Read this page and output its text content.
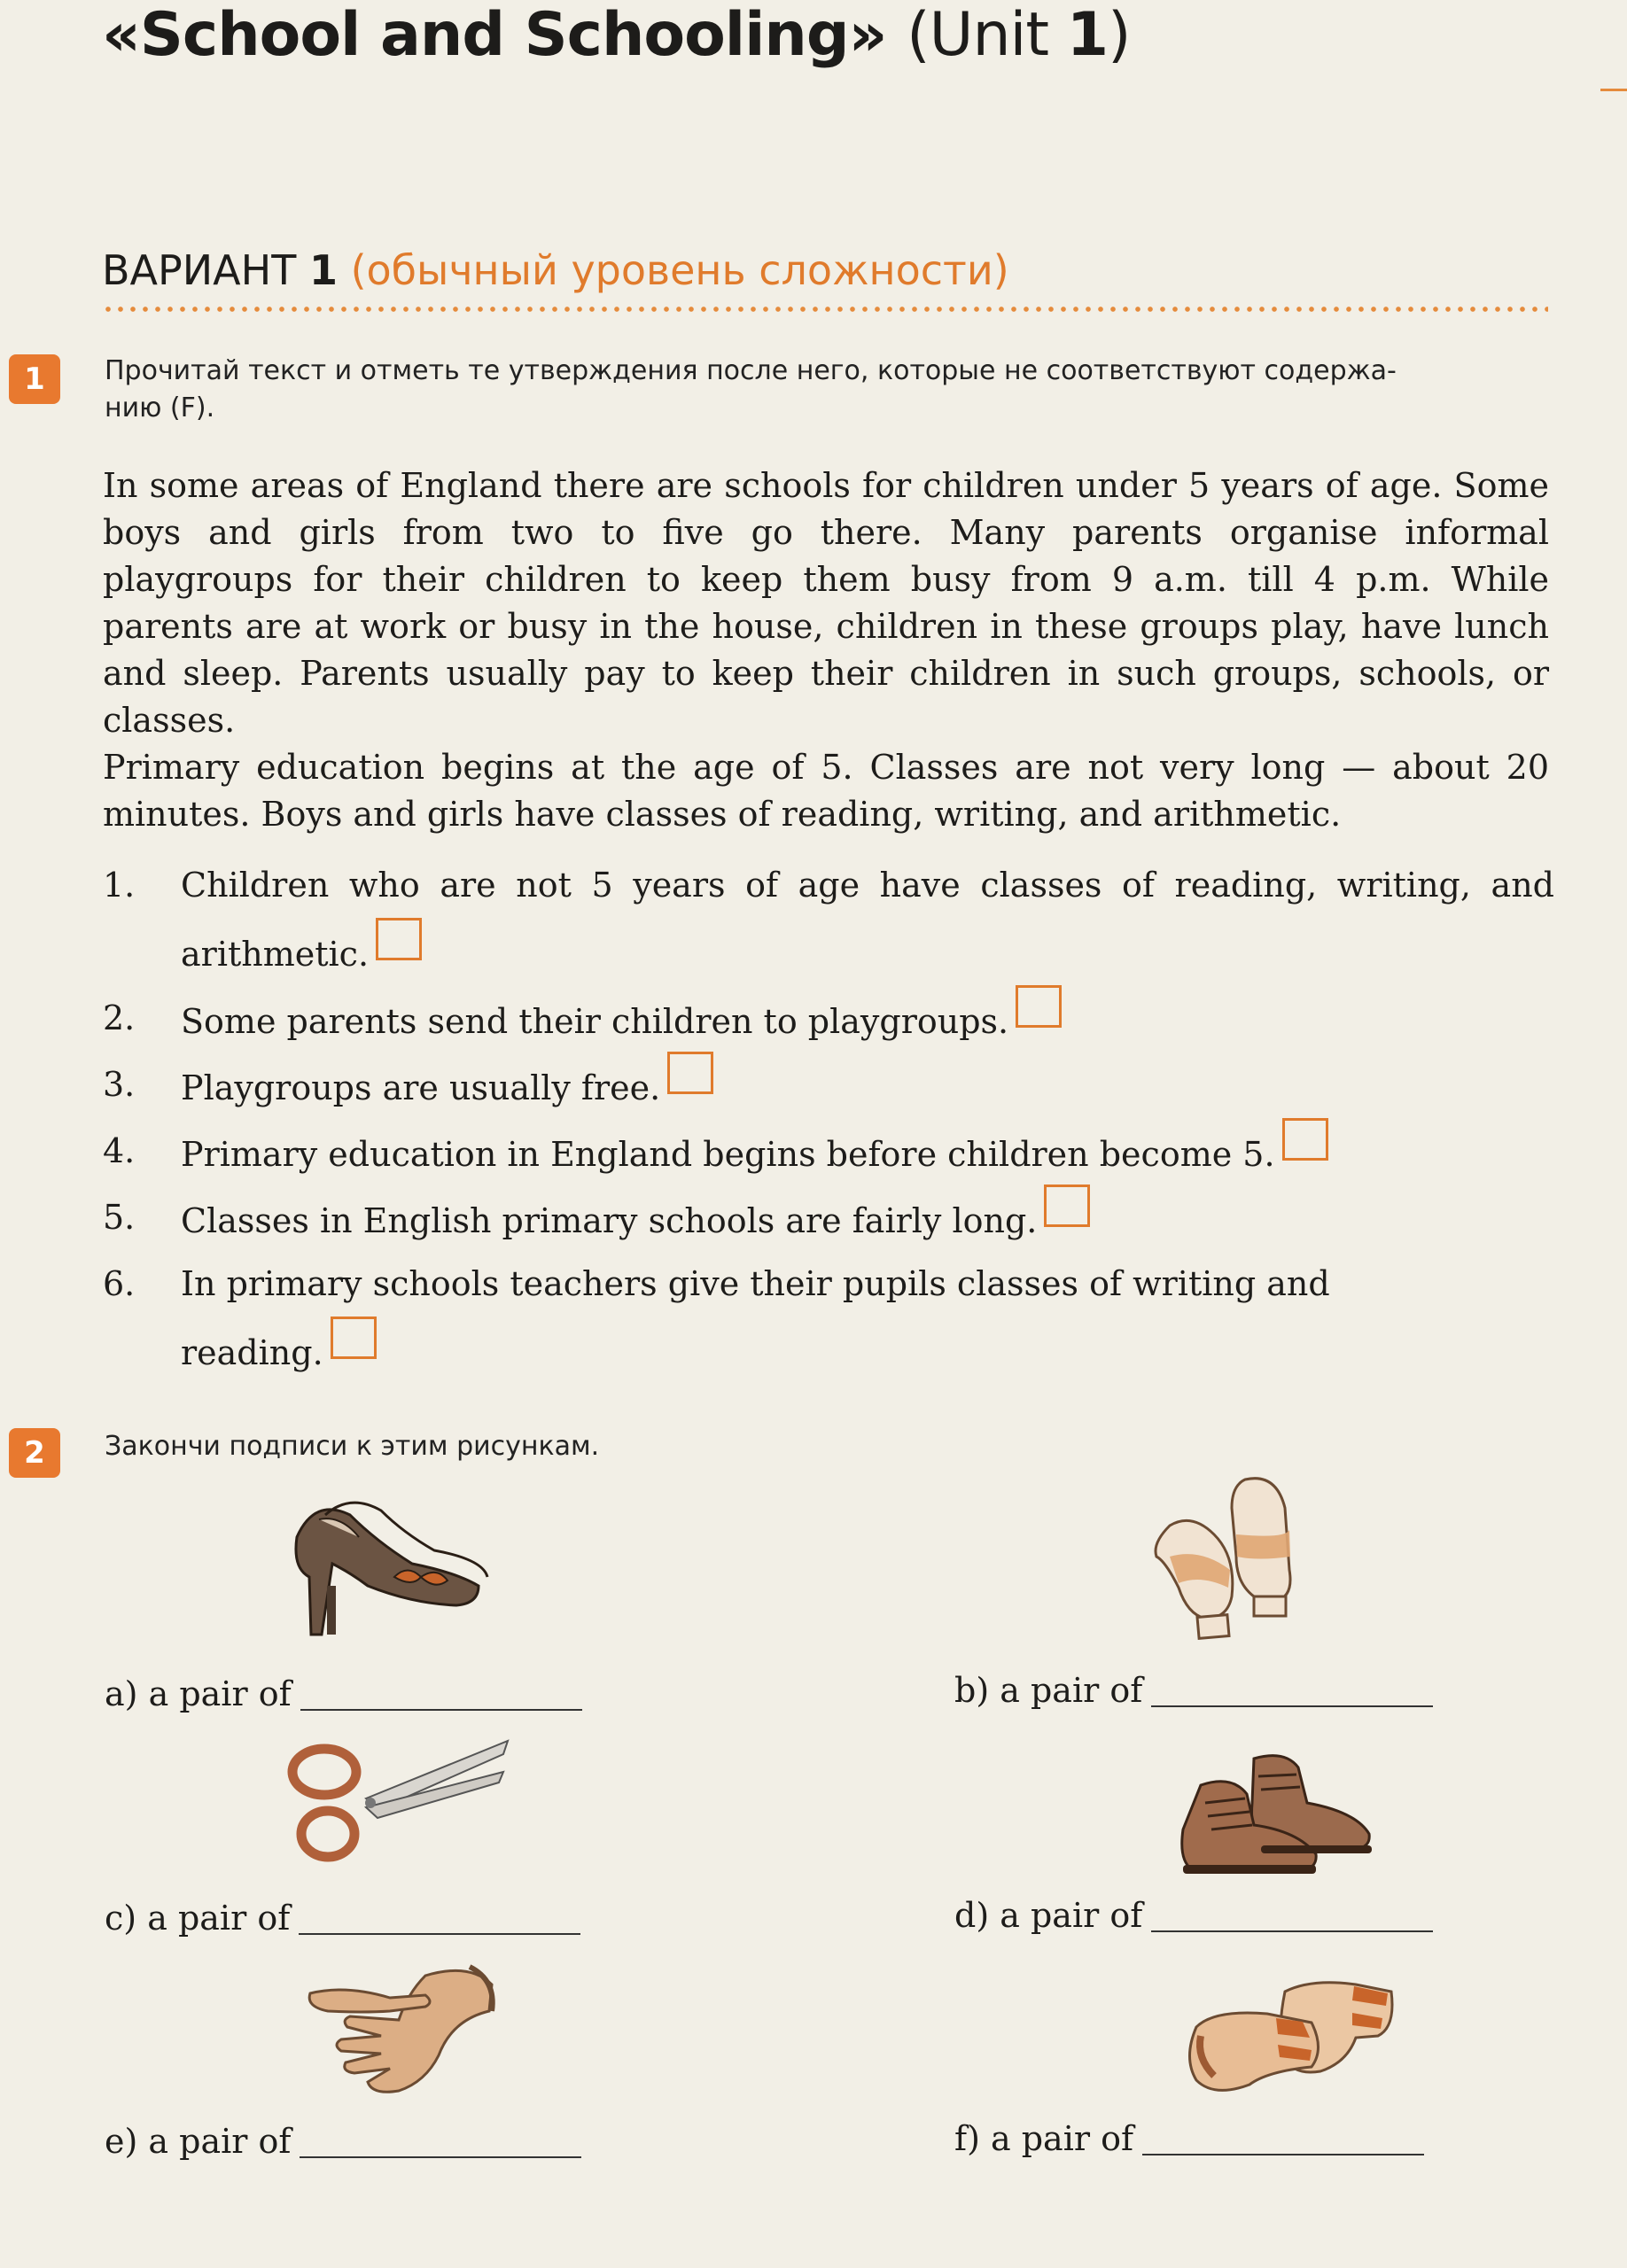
«School and Schooling» (Unit 1)
ВАРИАНТ 1 (обычный уровень сложности)
1	Прочитай текст и отметь те утверждения после него, которые не соответствуют содержа-
нию (F).

In some areas of England there are schools for children under 5 years of age. Some boys and girls from two to five go there. Many parents organise informal playgroups for their children to keep them busy from 9 a.m. till 4 p.m. While parents are at work or busy in the house, children in these groups play, have lunch and sleep. Parents usually pay to keep their children in such groups, schools, or classes.

Primary education begins at the age of 5. Classes are not very long — about 20 minutes. Boys and girls have classes of reading, writing, and arithmetic.

1. Children who are not 5 years of age have classes of reading, writing, and arithmetic.
2. Some parents send their children to playgroups.
3. Playgroups are usually free.
4. Primary education in England begins before children become 5.
5. Classes in English primary schools are fairly long.
6. In primary schools teachers give their pupils classes of writing and reading.
2	Закончи подписи к этим рисункам.
a) a pair of	b) a pair of
c) a pair of	d) a pair of
e) a pair of	f) a pair of
